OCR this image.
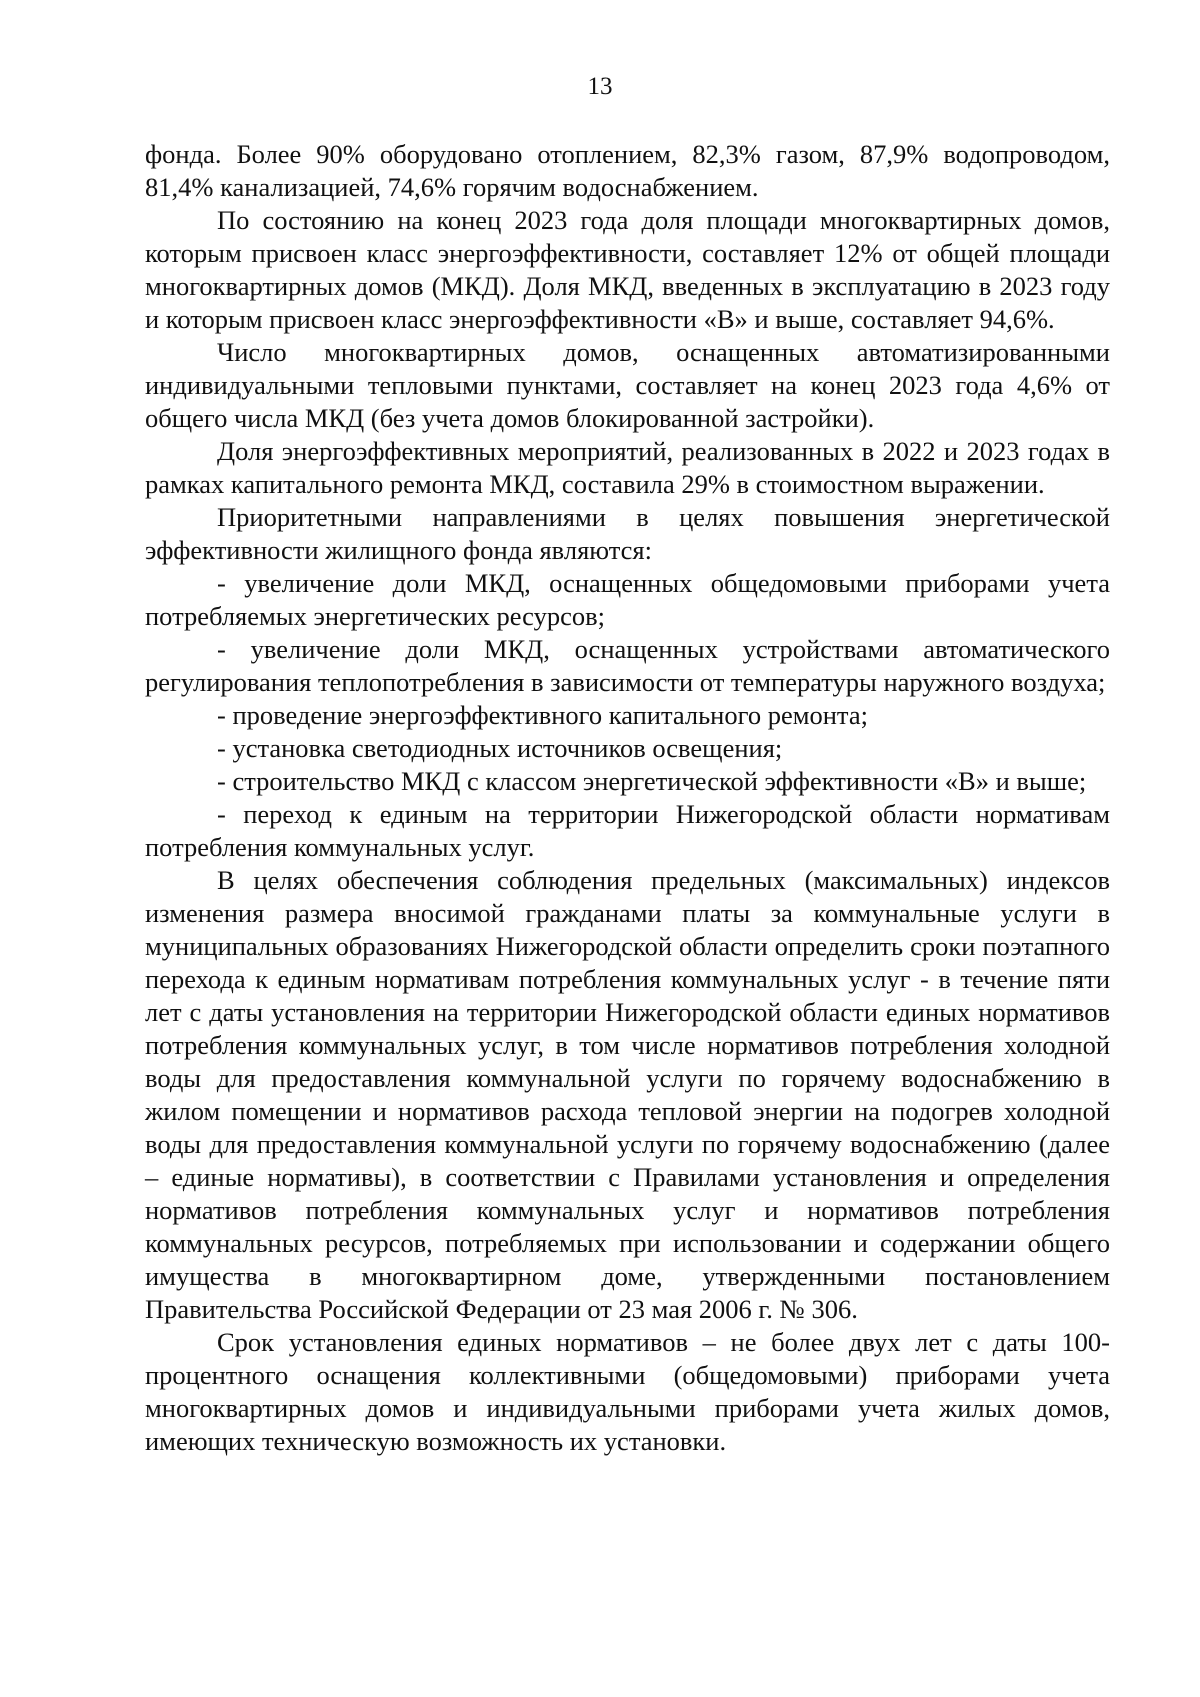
13

фонда. Более 90% оборудовано отоплением, 82,3% газом, 87,9% водопроводом, 81,4% канализацией, 74,6% горячим водоснабжением.

По состоянию на конец 2023 года доля площади многоквартирных домов, которым присвоен класс энергоэффективности, составляет 12% от общей площади многоквартирных домов (МКД). Доля МКД, введенных в эксплуатацию в 2023 году и которым присвоен класс энергоэффективности «В» и выше, составляет 94,6%.

Число многоквартирных домов, оснащенных автоматизированными индивидуальными тепловыми пунктами, составляет на конец 2023 года 4,6% от общего числа МКД (без учета домов блокированной застройки).

Доля энергоэффективных мероприятий, реализованных в 2022 и 2023 годах в рамках капитального ремонта МКД, составила 29% в стоимостном выражении.

Приоритетными направлениями в целях повышения энергетической эффективности жилищного фонда являются:

- увеличение доли МКД, оснащенных общедомовыми приборами учета потребляемых энергетических ресурсов;

- увеличение доли МКД, оснащенных устройствами автоматического регулирования теплопотребления в зависимости от температуры наружного воздуха;

- проведение энергоэффективного капитального ремонта;

- установка светодиодных источников освещения;

- строительство МКД с классом энергетической эффективности «В» и выше;

- переход к единым на территории Нижегородской области нормативам потребления коммунальных услуг.

В целях обеспечения соблюдения предельных (максимальных) индексов изменения размера вносимой гражданами платы за коммунальные услуги в муниципальных образованиях Нижегородской области определить сроки поэтапного перехода к единым нормативам потребления коммунальных услуг - в течение пяти лет с даты установления на территории Нижегородской области единых нормативов потребления коммунальных услуг, в том числе нормативов потребления холодной воды для предоставления коммунальной услуги по горячему водоснабжению в жилом помещении и нормативов расхода тепловой энергии на подогрев холодной воды для предоставления коммунальной услуги по горячему водоснабжению (далее – единые нормативы), в соответствии с Правилами установления и определения нормативов потребления коммунальных услуг и нормативов потребления коммунальных ресурсов, потребляемых при использовании и содержании общего имущества в многоквартирном доме, утвержденными постановлением Правительства Российской Федерации от 23 мая 2006 г. № 306.

Срок установления единых нормативов – не более двух лет с даты 100-процентного оснащения коллективными (общедомовыми) приборами учета многоквартирных домов и индивидуальными приборами учета жилых домов, имеющих техническую возможность их установки.
